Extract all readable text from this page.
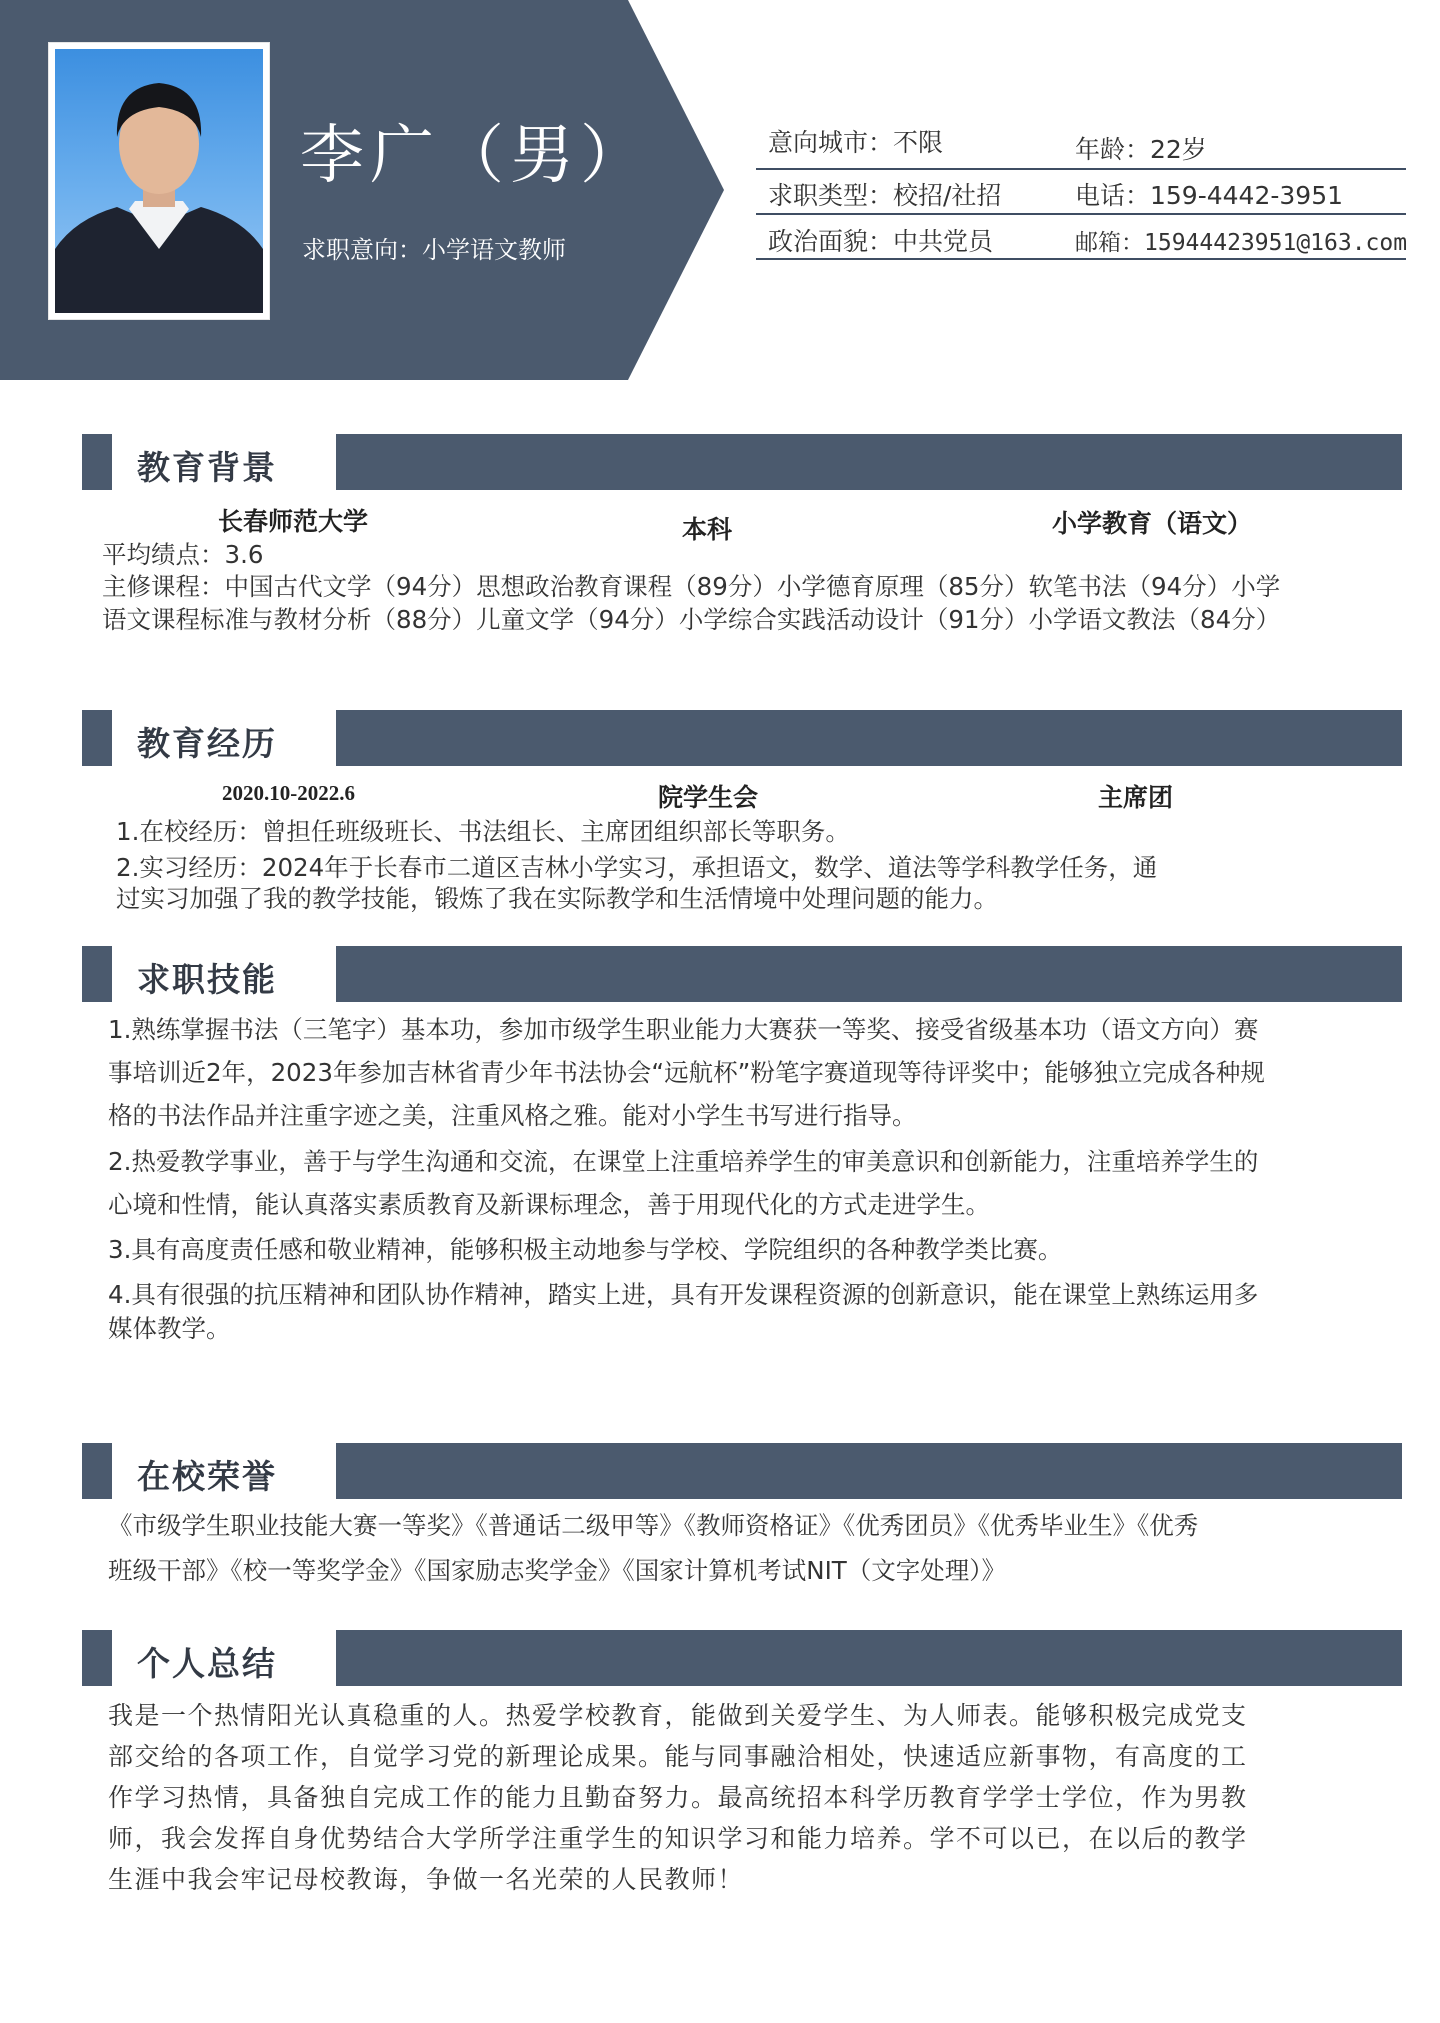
李广（男）
求职意向：小学语文教师
意向城市：不限	年龄：22岁
求职类型：校招/社招	电话：159-4442-3951
政治面貌：中共党员	邮箱：15944423951@163.com
教育背景
长春师范大学	本科	小学教育（语文）
平均绩点：3.6
主修课程：中国古代文学（94分）思想政治教育课程（89分）小学德育原理（85分）软笔书法（94分）小学
语文课程标准与教材分析（88分）儿童文学（94分）小学综合实践活动设计（91分）小学语文教法（84分）
教育经历
2020.10-2022.6	院学生会	主席团
1.在校经历：曾担任班级班长、书法组长、主席团组织部长等职务。
2.实习经历：2024年于长春市二道区吉林小学实习，承担语文，数学、道法等学科教学任务，通
过实习加强了我的教学技能，锻炼了我在实际教学和生活情境中处理问题的能力。
求职技能
1.熟练掌握书法（三笔字）基本功，参加市级学生职业能力大赛获一等奖、接受省级基本功（语文方向）赛
事培训近2年，2023年参加吉林省青少年书法协会“远航杯”粉笔字赛道现等待评奖中；能够独立完成各种规
格的书法作品并注重字迹之美，注重风格之雅。能对小学生书写进行指导。
2.热爱教学事业，善于与学生沟通和交流，在课堂上注重培养学生的审美意识和创新能力，注重培养学生的
心境和性情，能认真落实素质教育及新课标理念，善于用现代化的方式走进学生。
3.具有高度责任感和敬业精神，能够积极主动地参与学校、学院组织的各种教学类比赛。
4.具有很强的抗压精神和团队协作精神，踏实上进，具有开发课程资源的创新意识，能在课堂上熟练运用多
媒体教学。
在校荣誉
《市级学生职业技能大赛一等奖》《普通话二级甲等》《教师资格证》《优秀团员》《优秀毕业生》《优秀
班级干部》《校一等奖学金》《国家励志奖学金》《国家计算机考试NIT（文字处理）》
个人总结
我是一个热情阳光认真稳重的人。热爱学校教育，能做到关爱学生、为人师表。能够积极完成党支
部交给的各项工作，自觉学习党的新理论成果。能与同事融洽相处，快速适应新事物，有高度的工
作学习热情，具备独自完成工作的能力且勤奋努力。最高统招本科学历教育学学士学位，作为男教
师，我会发挥自身优势结合大学所学注重学生的知识学习和能力培养。学不可以已，在以后的教学
生涯中我会牢记母校教诲，争做一名光荣的人民教师！
